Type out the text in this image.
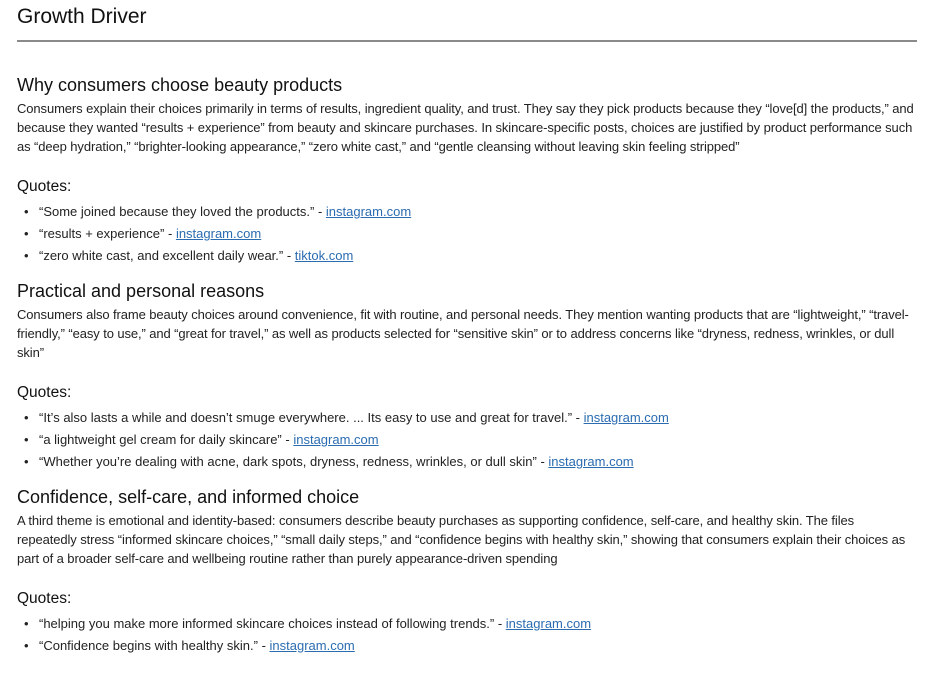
Growth Driver
Why consumers choose beauty products

Consumers explain their choices primarily in terms of results, ingredient quality, and trust. They say they pick products because they “love[d] the products,” and because they wanted “results + experience” from beauty and skincare purchases. In skincare-specific posts, choices are justified by product performance such as “deep hydration,” “brighter-looking appearance,” “zero white cast,” and “gentle cleansing without leaving skin feeling stripped”

Quotes:
• “Some joined because they loved the products.” - instagram.com
• “results + experience” - instagram.com
• “zero white cast, and excellent daily wear.” - tiktok.com
Practical and personal reasons

Consumers also frame beauty choices around convenience, fit with routine, and personal needs. They mention wanting products that are “lightweight,” “travel-friendly,” “easy to use,” and “great for travel,” as well as products selected for “sensitive skin” or to address concerns like “dryness, redness, wrinkles, or dull skin”

Quotes:
• “It’s also lasts a while and doesn’t smuge everywhere. ... Its easy to use and great for travel.” - instagram.com
• “a lightweight gel cream for daily skincare” - instagram.com
• “Whether you’re dealing with acne, dark spots, dryness, redness, wrinkles, or dull skin” - instagram.com
Confidence, self-care, and informed choice

A third theme is emotional and identity-based: consumers describe beauty purchases as supporting confidence, self-care, and healthy skin. The files repeatedly stress “informed skincare choices,” “small daily steps,” and “confidence begins with healthy skin,” showing that consumers explain their choices as part of a broader self-care and wellbeing routine rather than purely appearance-driven spending

Quotes:
• “helping you make more informed skincare choices instead of following trends.” - instagram.com
• “Confidence begins with healthy skin.” - instagram.com
